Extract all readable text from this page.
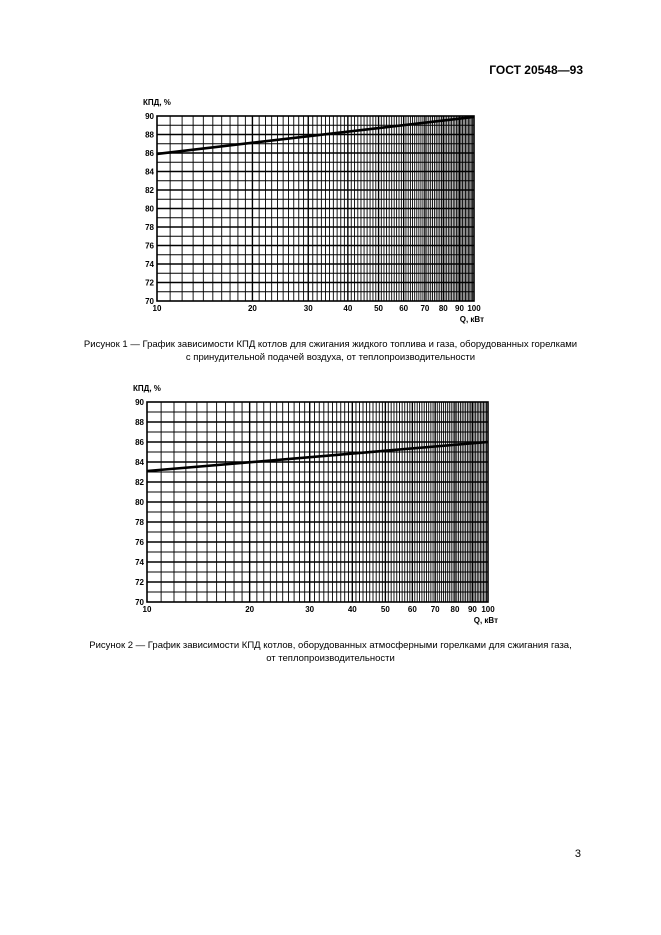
ГОСТ 20548—93
70
72
74
76
78
80
82
84
86
88
90
10	20	30	40	50 60 70 80 90 100
КПД, %
Q, кВт
Рисунок 1 — График зависимости КПД котлов для сжигания жидкого топлива и газа, оборудованных горелками
с принудительной подачей воздуха, от теплопроизводительности
70
72
74
76
78
80
82
84
86
88
90
10	20	30	40	50 60 70 80 90 100
КПД, %
Q, кВт
Рисунок 2 — График зависимости КПД котлов, оборудованных атмосферными горелками для сжигания газа,
от теплопроизводительности
3
